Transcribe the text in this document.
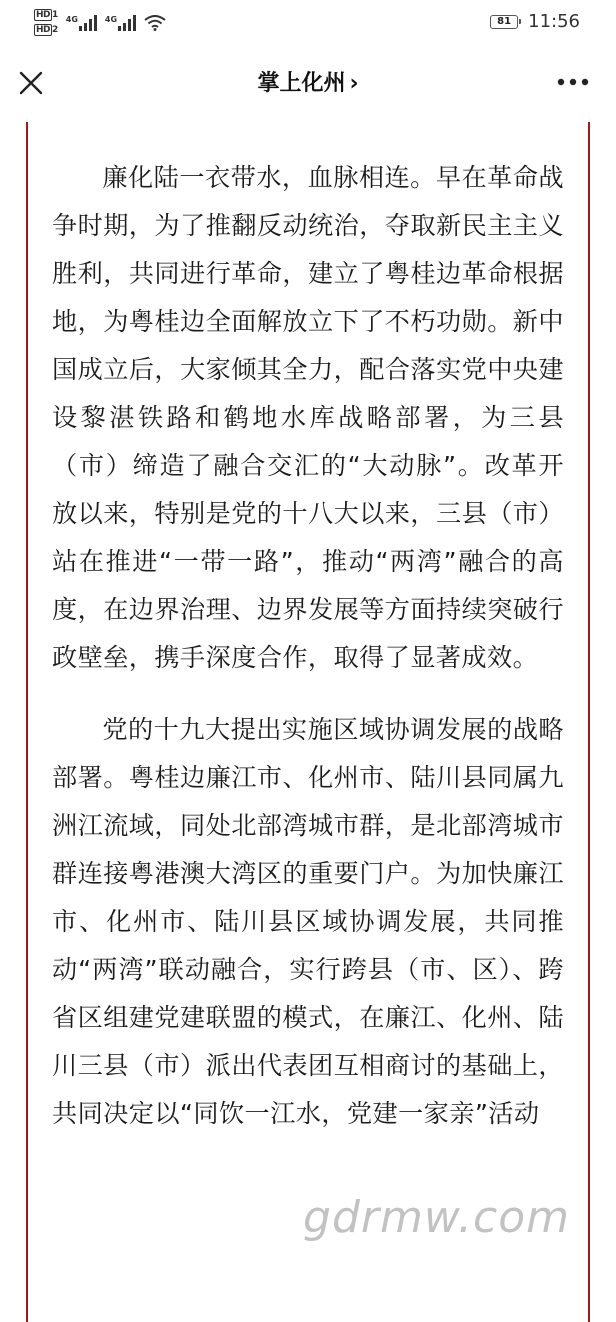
HD 1
HD 2
4G	4G	81 11:56
掌上化州 ›

廉化陆一衣带水，血脉相连。早在革命战争时期，为了推翻反动统治，夺取新民主主义胜利，共同进行革命，建立了粤桂边革命根据地，为粤桂边全面解放立下了不朽功勋。新中国成立后，大家倾其全力，配合落实党中央建设黎湛铁路和鹤地水库战略部署，为三县（市）缔造了融合交汇的“大动脉”。改革开放以来，特别是党的十八大以来，三县（市）站在推进“一带一路”，推动“两湾”融合的高度，在边界治理、边界发展等方面持续突破行政壁垒，携手深度合作，取得了显著成效。

党的十九大提出实施区域协调发展的战略部署。粤桂边廉江市、化州市、陆川县同属九洲江流域，同处北部湾城市群，是北部湾城市群连接粤港澳大湾区的重要门户。为加快廉江市、化州市、陆川县区域协调发展，共同推动“两湾”联动融合，实行跨县（市、区）、跨省区组建党建联盟的模式，在廉江、化州、陆川三县（市）派出代表团互相商讨的基础上，共同决定以“同饮一江水，党建一家亲”活动

gdrmw.com
